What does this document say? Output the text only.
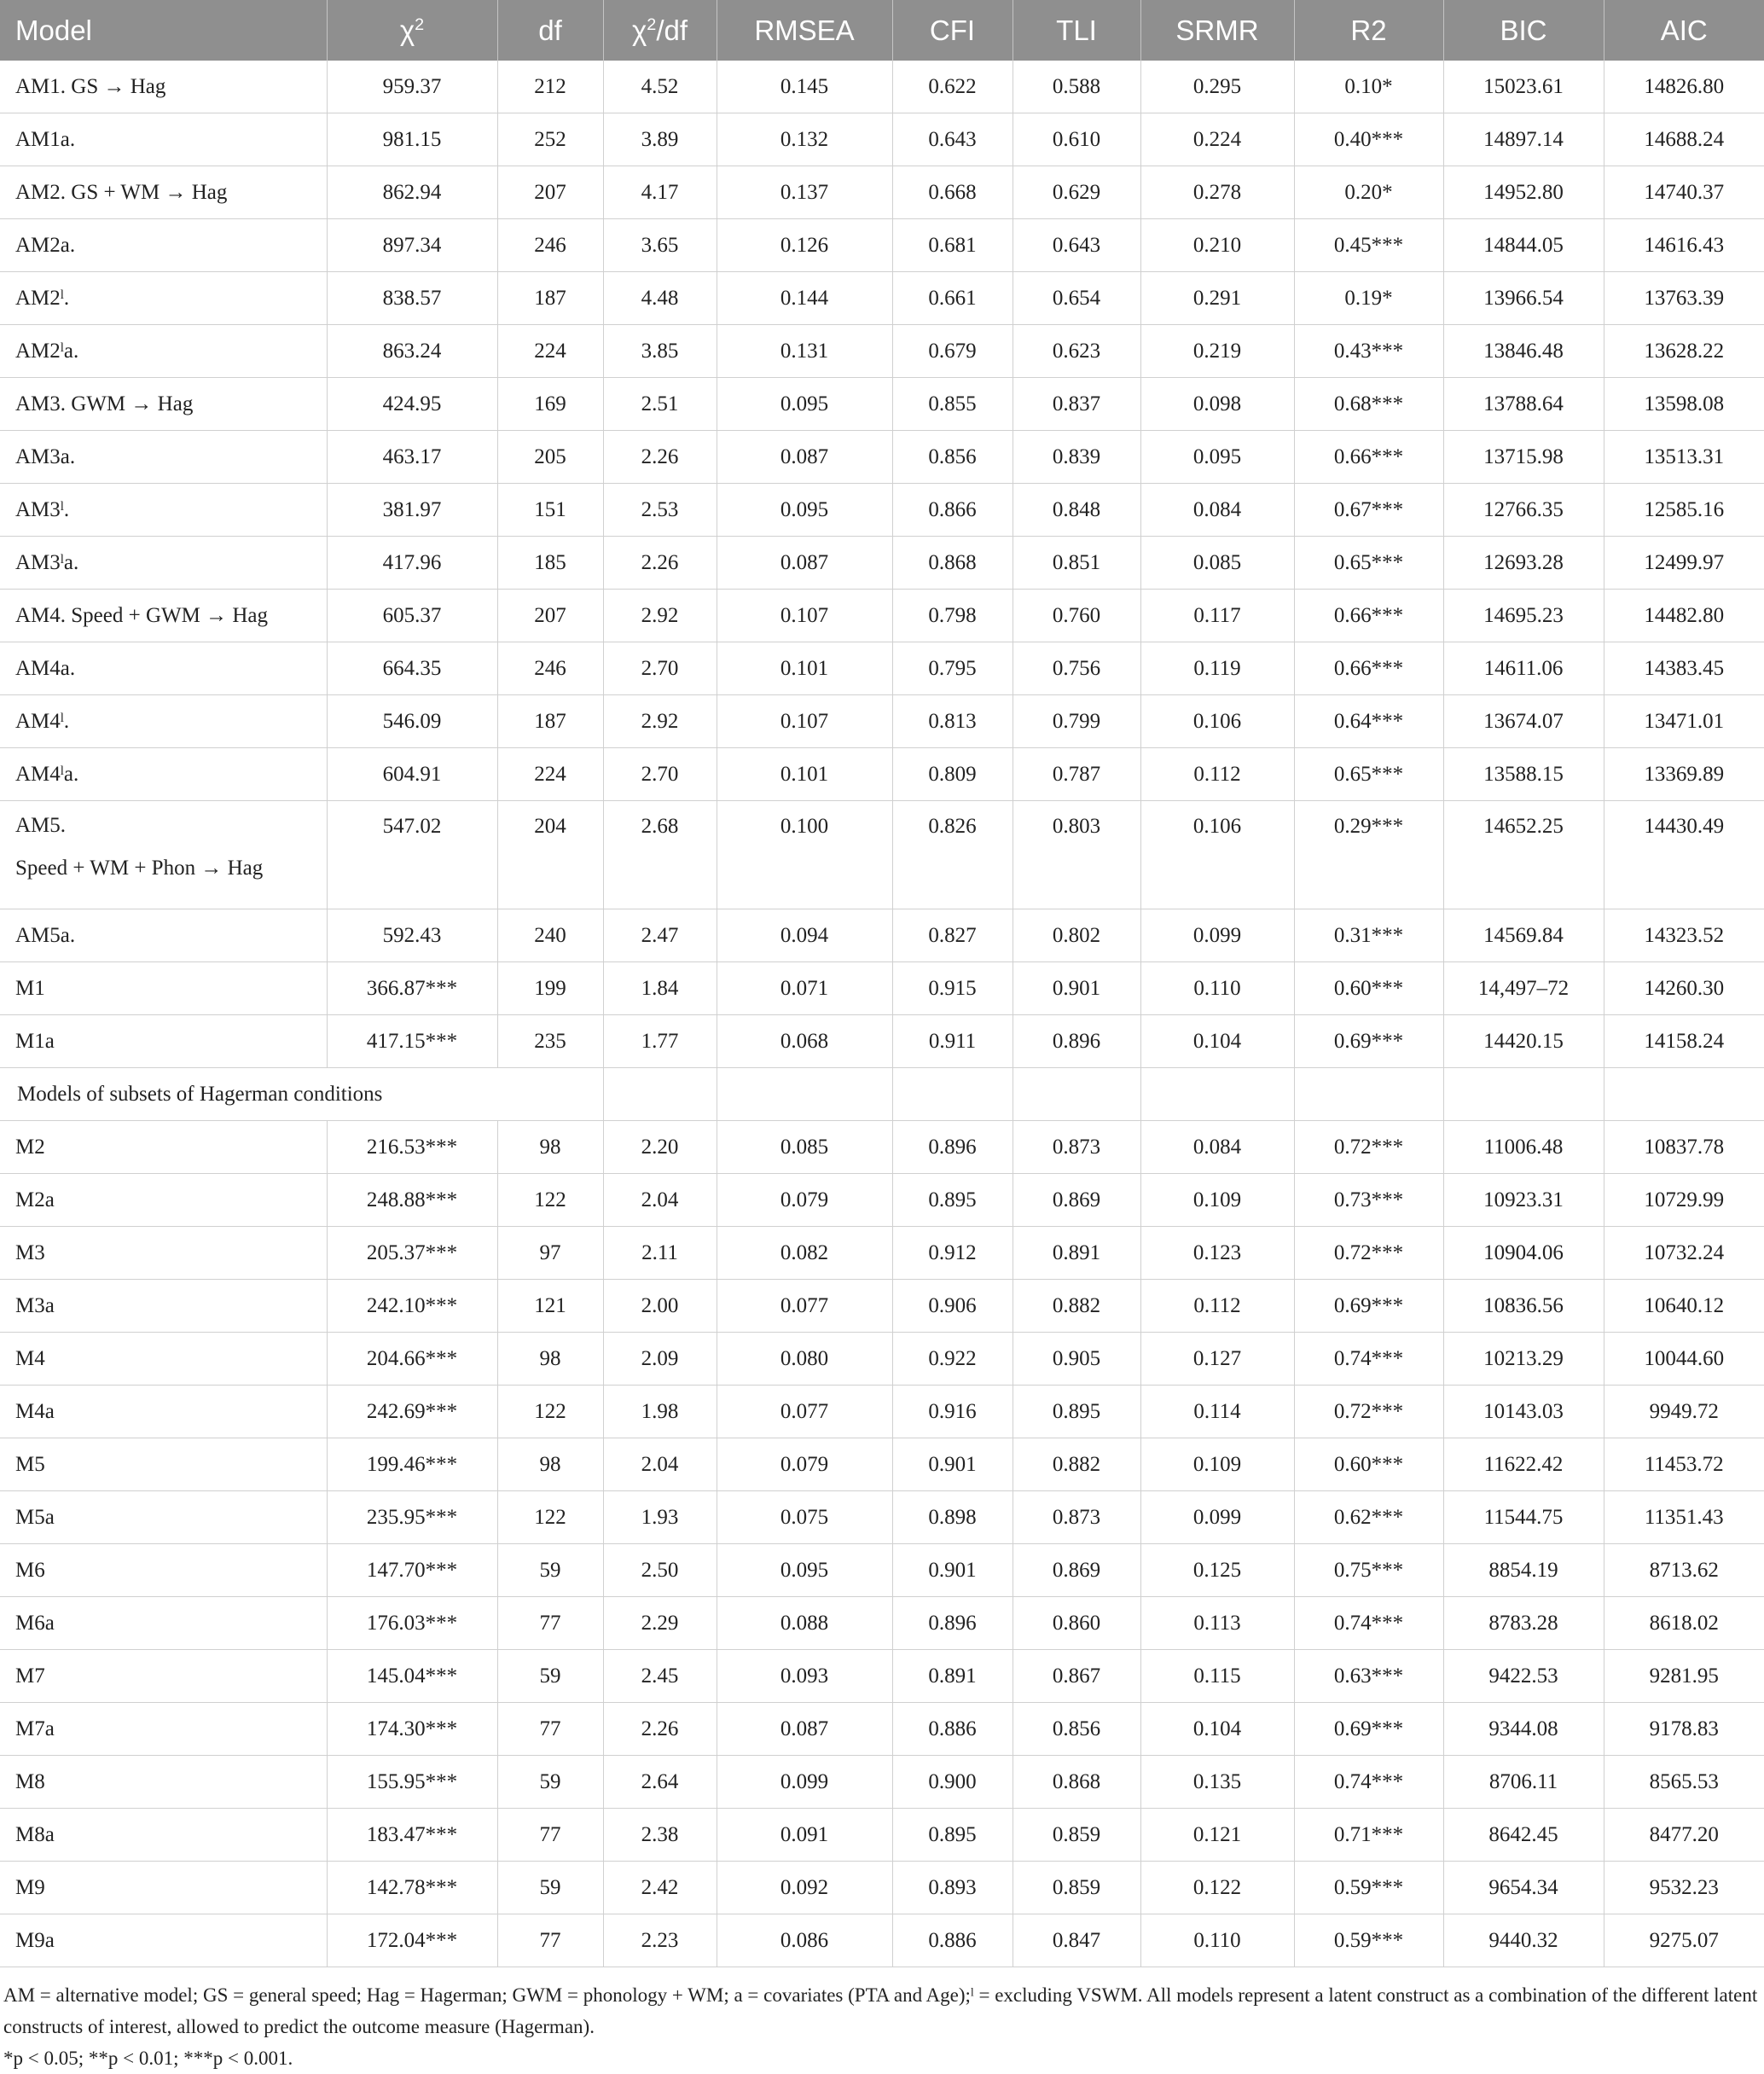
Model	$\chi^2$	df	$\chi^2/df$	RMSEA	CFI	TLI	SRMR	R2	BIC	AIC
AM1. GS → Hag	959.37	212	4.52	0.145	0.622	0.588	0.295	0.10*	15023.61	14826.80
AM1a.	981.15	252	3.89	0.132	0.643	0.610	0.224	0.40***	14897.14	14688.24
AM2. GS + WM → Hag	862.94	207	4.17	0.137	0.668	0.629	0.278	0.20*	14952.80	14740.37
AM2a.	897.34	246	3.65	0.126	0.681	0.643	0.210	0.45***	14844.05	14616.43
AM2ˡ.	838.57	187	4.48	0.144	0.661	0.654	0.291	0.19*	13966.54	13763.39
AM2ˡa.	863.24	224	3.85	0.131	0.679	0.623	0.219	0.43***	13846.48	13628.22
AM3. GWM → Hag	424.95	169	2.51	0.095	0.855	0.837	0.098	0.68***	13788.64	13598.08
AM3a.	463.17	205	2.26	0.087	0.856	0.839	0.095	0.66***	13715.98	13513.31
AM3ˡ.	381.97	151	2.53	0.095	0.866	0.848	0.084	0.67***	12766.35	12585.16
AM3ˡa.	417.96	185	2.26	0.087	0.868	0.851	0.085	0.65***	12693.28	12499.97
AM4. Speed + GWM → Hag	605.37	207	2.92	0.107	0.798	0.760	0.117	0.66***	14695.23	14482.80
AM4a.	664.35	246	2.70	0.101	0.795	0.756	0.119	0.66***	14611.06	14383.45
AM4ˡ.	546.09	187	2.92	0.107	0.813	0.799	0.106	0.64***	13674.07	13471.01
AM4ˡa.	604.91	224	2.70	0.101	0.809	0.787	0.112	0.65***	13588.15	13369.89

AM5.
Speed + WM + Phon → Hag	547.02	204	2.68	0.100	0.826	0.803	0.106	0.29***	14652.25	14430.49
AM5a.	592.43	240	2.47	0.094	0.827	0.802	0.099	0.31***	14569.84	14323.52
M1	366.87***	199	1.84	0.071	0.915	0.901	0.110	0.60***	14,497–72	14260.30
M1a	417.15***	235	1.77	0.068	0.911	0.896	0.104	0.69***	14420.15	14158.24
Models of subsets of Hagerman conditions										
M2	216.53***	98	2.20	0.085	0.896	0.873	0.084	0.72***	11006.48	10837.78
M2a	248.88***	122	2.04	0.079	0.895	0.869	0.109	0.73***	10923.31	10729.99
M3	205.37***	97	2.11	0.082	0.912	0.891	0.123	0.72***	10904.06	10732.24
M3a	242.10***	121	2.00	0.077	0.906	0.882	0.112	0.69***	10836.56	10640.12
M4	204.66***	98	2.09	0.080	0.922	0.905	0.127	0.74***	10213.29	10044.60
M4a	242.69***	122	1.98	0.077	0.916	0.895	0.114	0.72***	10143.03	9949.72
M5	199.46***	98	2.04	0.079	0.901	0.882	0.109	0.60***	11622.42	11453.72
M5a	235.95***	122	1.93	0.075	0.898	0.873	0.099	0.62***	11544.75	11351.43
M6	147.70***	59	2.50	0.095	0.901	0.869	0.125	0.75***	8854.19	8713.62
M6a	176.03***	77	2.29	0.088	0.896	0.860	0.113	0.74***	8783.28	8618.02
M7	145.04***	59	2.45	0.093	0.891	0.867	0.115	0.63***	9422.53	9281.95
M7a	174.30***	77	2.26	0.087	0.886	0.856	0.104	0.69***	9344.08	9178.83
M8	155.95***	59	2.64	0.099	0.900	0.868	0.135	0.74***	8706.11	8565.53
M8a	183.47***	77	2.38	0.091	0.895	0.859	0.121	0.71***	8642.45	8477.20
M9	142.78***	59	2.42	0.092	0.893	0.859	0.122	0.59***	9654.34	9532.23
M9a	172.04***	77	2.23	0.086	0.886	0.847	0.110	0.59***	9440.32	9275.07

AM = alternative model; GS = general speed; Hag = Hagerman; GWM = phonology + WM; a = covariates (PTA and Age);ˡ = excluding VSWM. All models represent a latent construct as a combination of the different latent constructs of interest, allowed to predict the outcome measure (Hagerman).

*p < 0.05; **p < 0.01; ***p < 0.001.
